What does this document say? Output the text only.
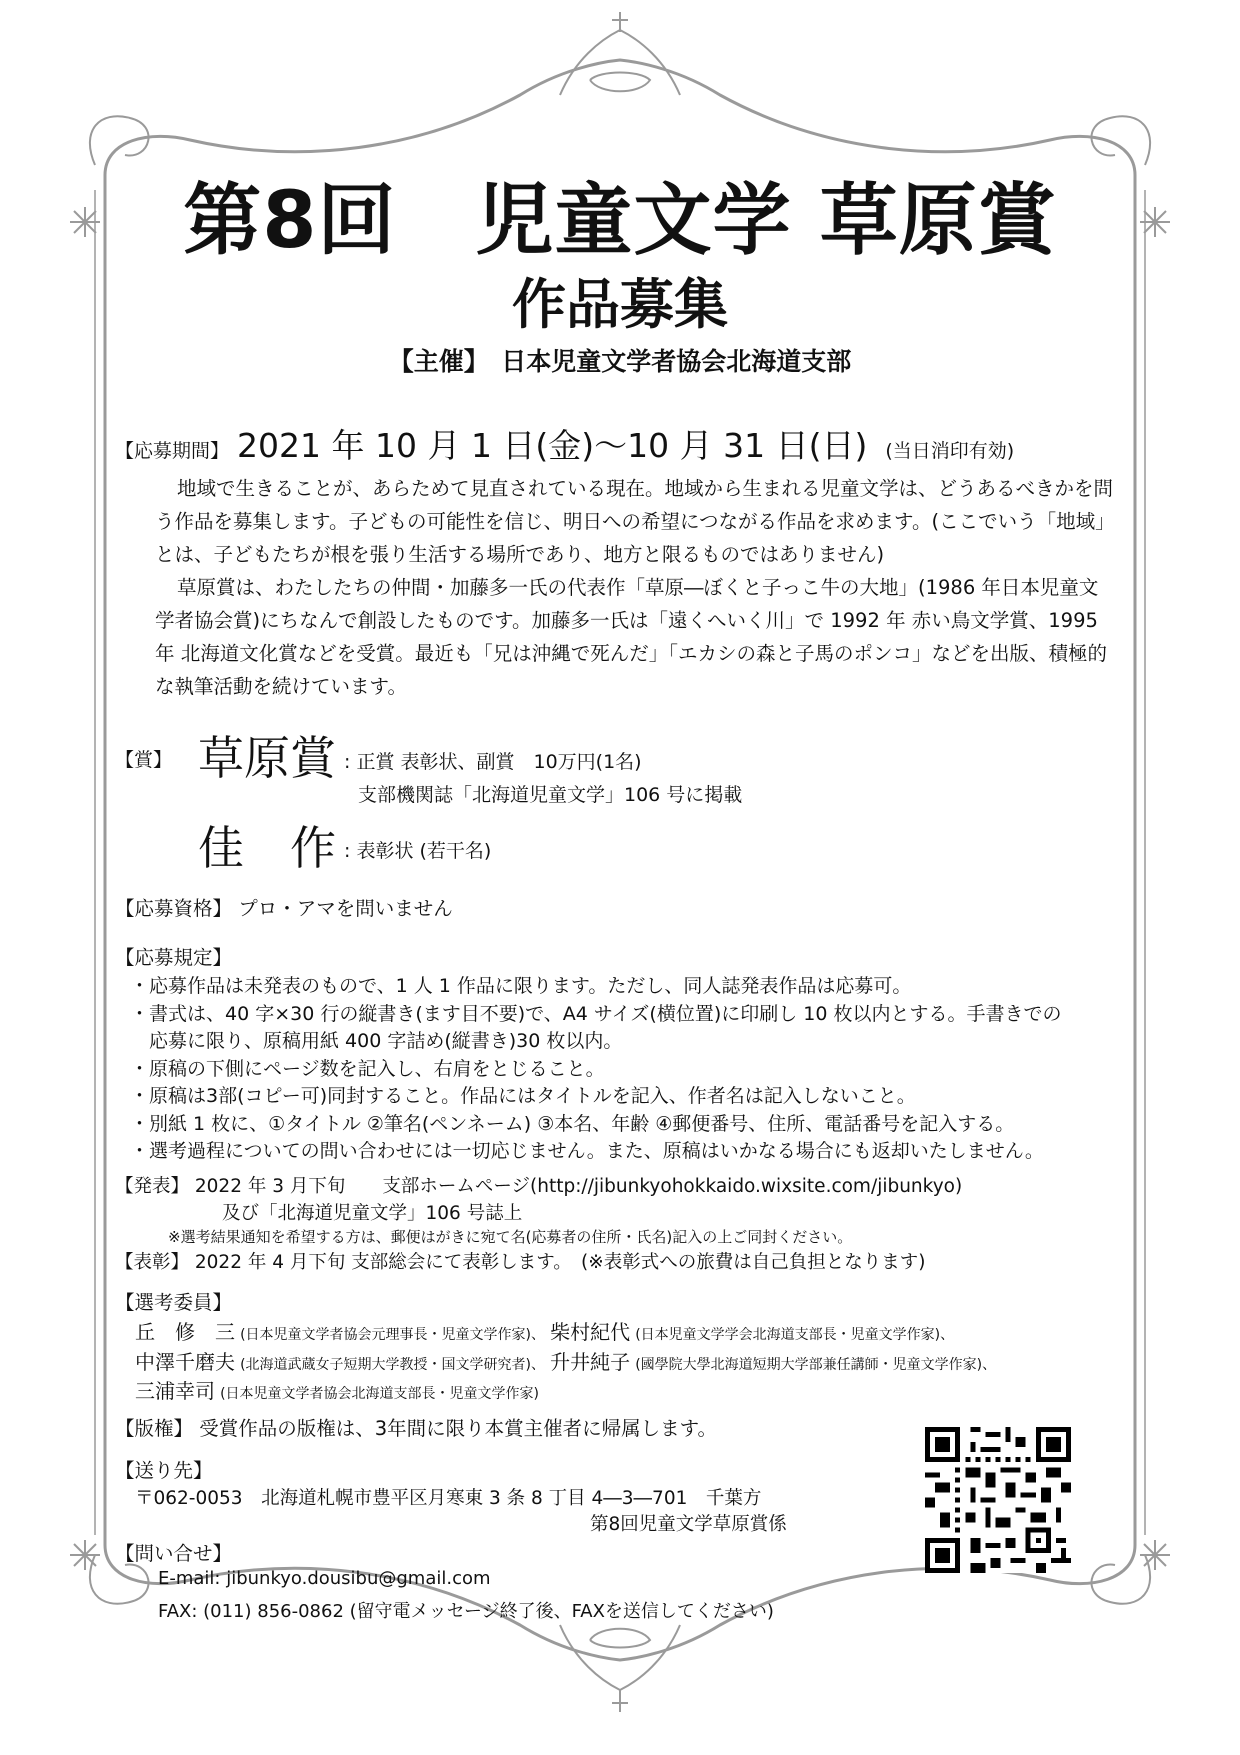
第8回　児童文学 草原賞
作品募集
【主催】　日本児童文学者協会北海道支部
【応募期間】 2021 年 10 月 1 日(金)～10 月 31 日(日) (当日消印有効)

地域で生きることが、あらためて見直されている現在。地域から生まれる児童文学は、どうあるべきかを問う作品を募集します。子どもの可能性を信じ、明日への希望につながる作品を求めます。(ここでいう「地域」とは、子どもたちが根を張り生活する場所であり、地方と限るものではありません)

草原賞は、わたしたちの仲間・加藤多一氏の代表作「草原―ぼくと子っこ牛の大地」(1986 年日本児童文学者協会賞)にちなんで創設したものです。加藤多一氏は「遠くへいく川」で 1992 年 赤い鳥文学賞、1995 年 北海道文化賞などを受賞。最近も「兄は沖縄で死んだ」「エカシの森と子馬のポンコ」などを出版、積極的な執筆活動を続けています。

【賞】 草原賞 : 正賞 表彰状、副賞　10万円(1名)
支部機関誌「北海道児童文学」106 号に掲載
佳　作 : 表彰状 (若干名)
【応募資格】 プロ・アマを問いません
【応募規定】
・応募作品は未発表のもので、1 人 1 作品に限ります。ただし、同人誌発表作品は応募可。
・書式は、40 字×30 行の縦書き(ます目不要)で、A4 サイズ(横位置)に印刷し 10 枚以内とする。手書きでの
　応募に限り、原稿用紙 400 字詰め(縦書き)30 枚以内。
・原稿の下側にページ数を記入し、右肩をとじること。
・原稿は3部(コピー可)同封すること。作品にはタイトルを記入、作者名は記入しないこと。
・別紙 1 枚に、①タイトル ②筆名(ペンネーム) ③本名、年齢 ④郵便番号、住所、電話番号を記入する。
・選考過程についての問い合わせには一切応じません。また、原稿はいかなる場合にも返却いたしません。
【発表】 2022 年 3 月下旬　　支部ホームページ(http://jibunkyohokkaido.wixsite.com/jibunkyo)
及び「北海道児童文学」106 号誌上
※選考結果通知を希望する方は、郵便はがきに宛て名(応募者の住所・氏名)記入の上ご同封ください。
【表彰】 2022 年 4 月下旬 支部総会にて表彰します。　(※表彰式への旅費は自己負担となります)
【選考委員】
丘　修　三 (日本児童文学者協会元理事長・児童文学作家)、 柴村紀代 (日本児童文学学会北海道支部長・児童文学作家)、
中澤千磨夫 (北海道武蔵女子短期大学教授・国文学研究者)、 升井純子 (國學院大學北海道短期大学部兼任講師・児童文学作家)、
三浦幸司 (日本児童文学者協会北海道支部長・児童文学作家)
【版権】 受賞作品の版権は、3年間に限り本賞主催者に帰属します。
【送り先】
〒062-0053　北海道札幌市豊平区月寒東 3 条 8 丁目 4―3―701　千葉方
第8回児童文学草原賞係
【問い合せ】
E-mail: jibunkyo.dousibu@gmail.com
FAX: (011) 856-0862 (留守電メッセージ終了後、FAXを送信してください)
